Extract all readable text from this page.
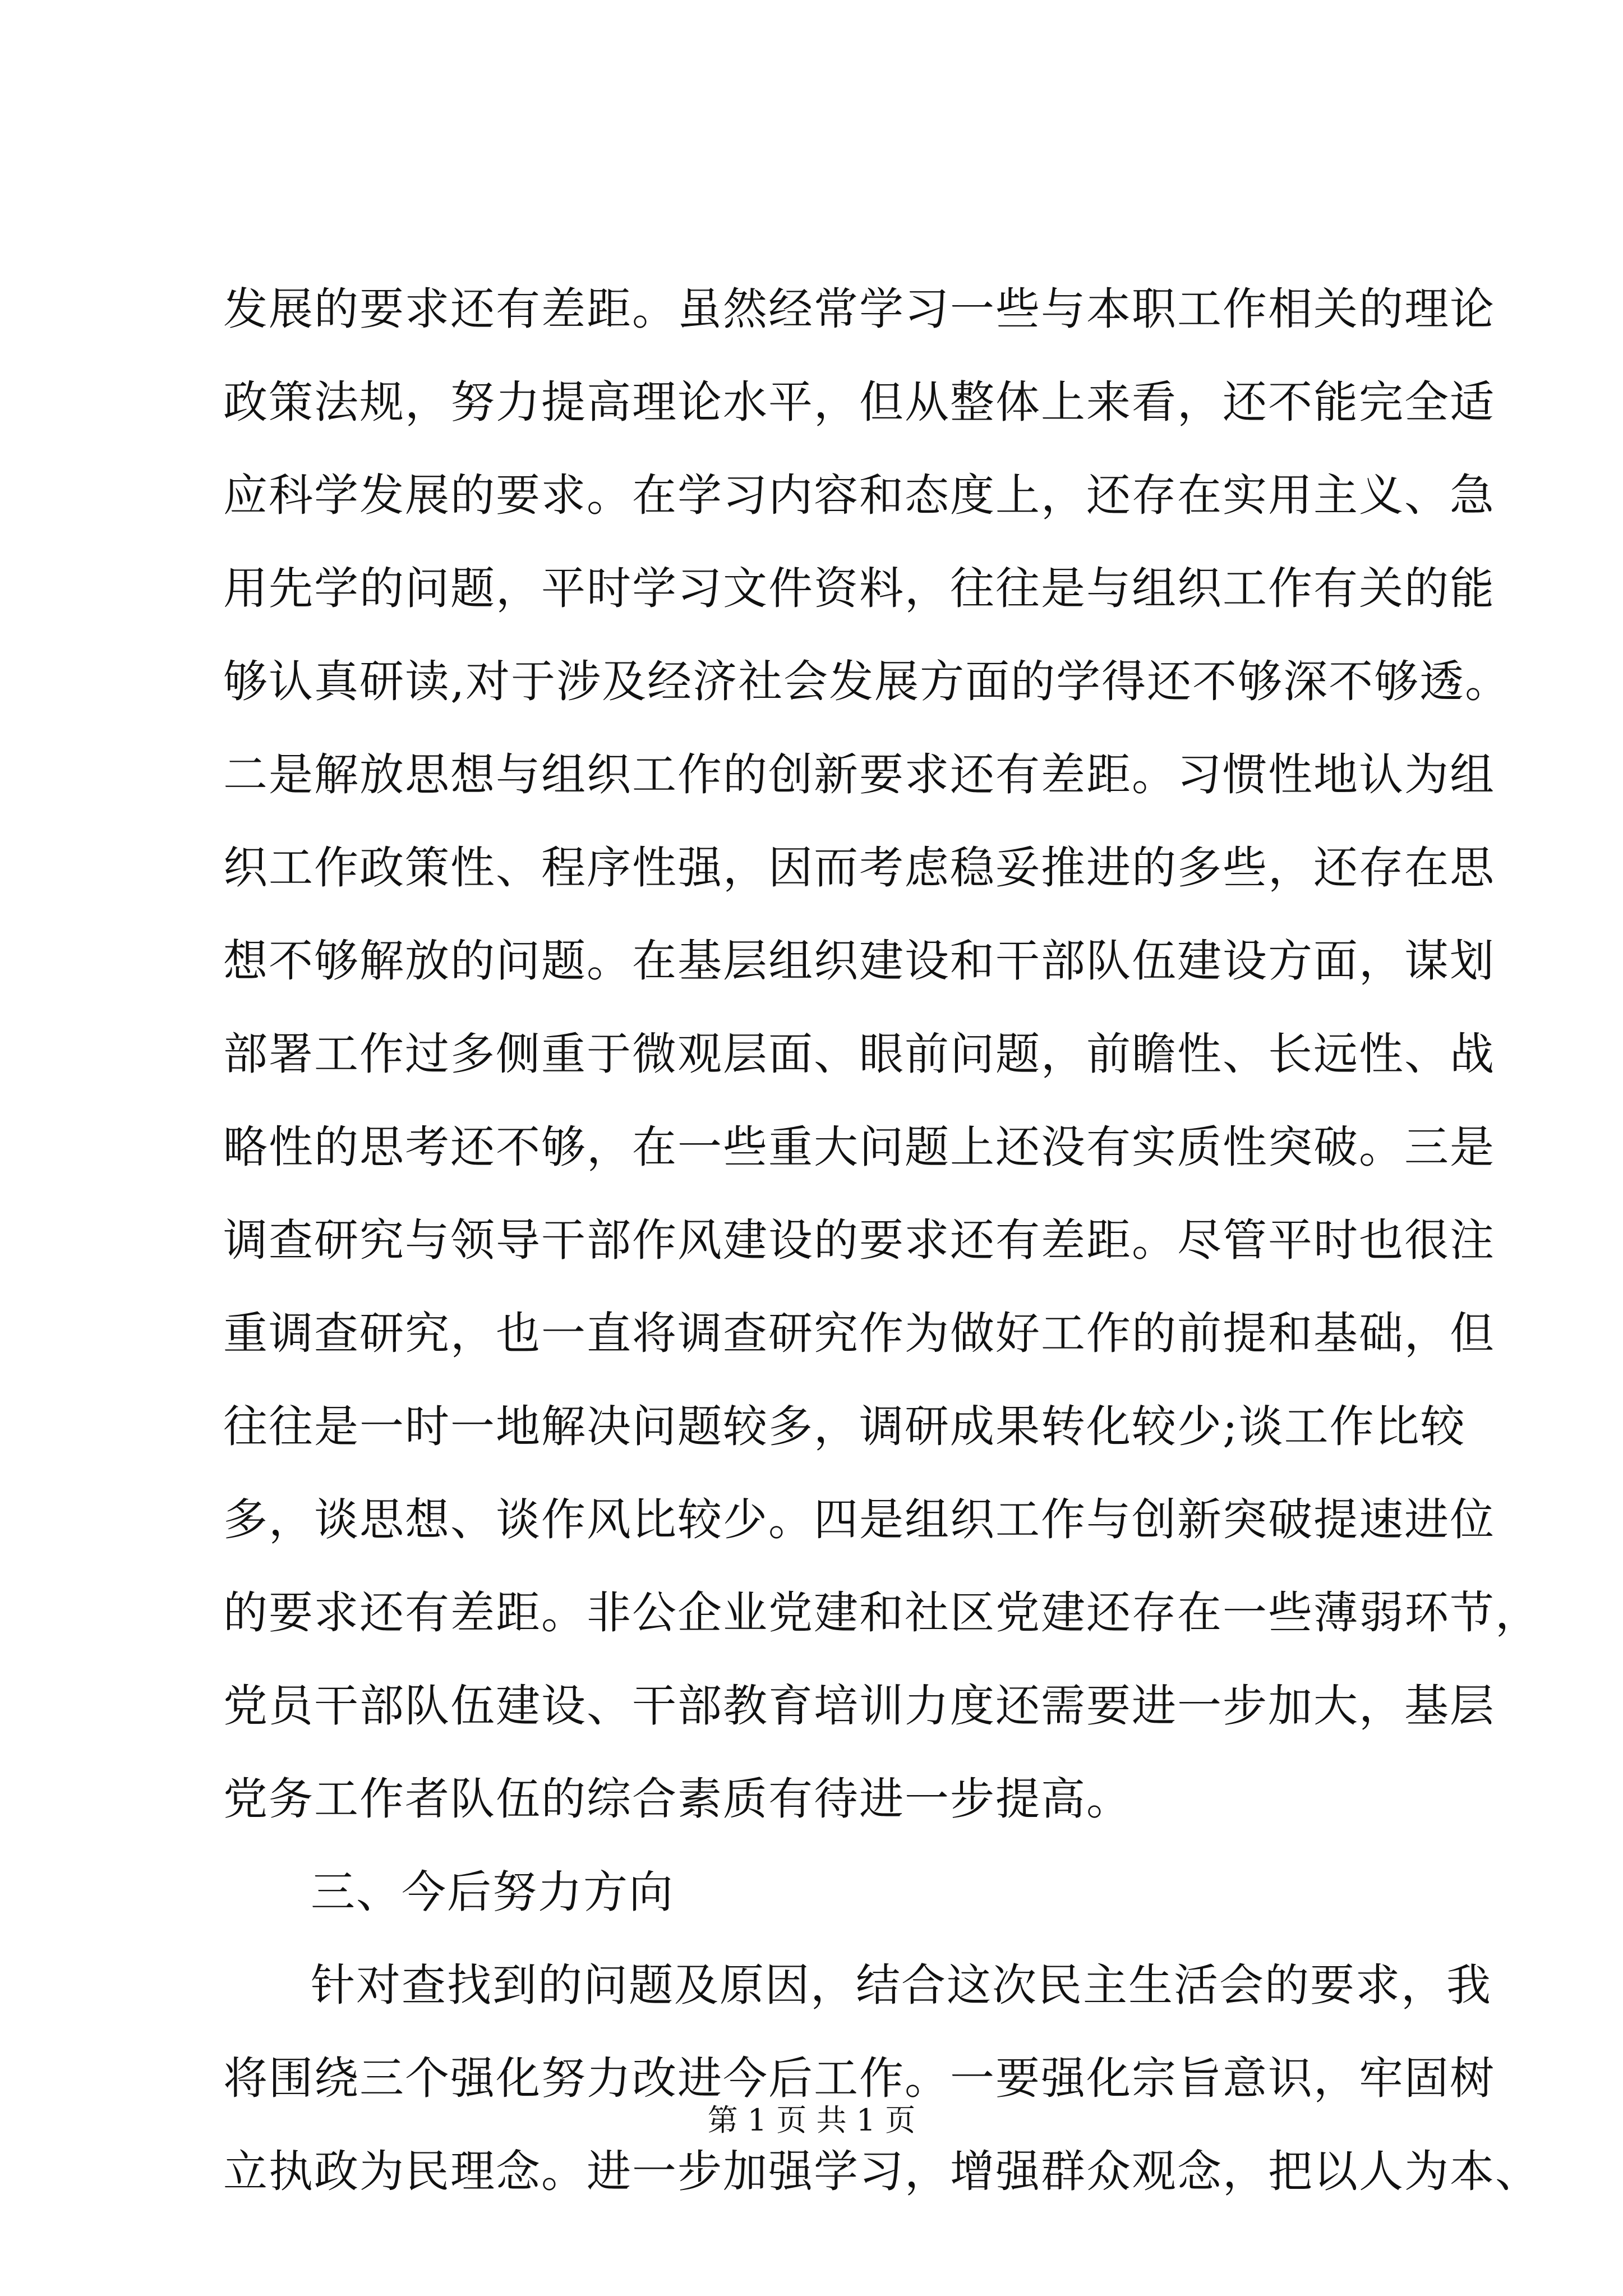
发展的要求还有差距。虽然经常学习一些与本职工作相关的理论
政策法规，努力提高理论水平，但从整体上来看，还不能完全适
应科学发展的要求。在学习内容和态度上，还存在实用主义、急
用先学的问题，平时学习文件资料，往往是与组织工作有关的能
够认真研读,对于涉及经济社会发展方面的学得还不够深不够透。
二是解放思想与组织工作的创新要求还有差距。习惯性地认为组
织工作政策性、程序性强，因而考虑稳妥推进的多些，还存在思
想不够解放的问题。在基层组织建设和干部队伍建设方面，谋划
部署工作过多侧重于微观层面、眼前问题，前瞻性、长远性、战
略性的思考还不够，在一些重大问题上还没有实质性突破。三是
调查研究与领导干部作风建设的要求还有差距。尽管平时也很注
重调查研究，也一直将调查研究作为做好工作的前提和基础，但
往往是一时一地解决问题较多，调研成果转化较少;谈工作比较
多，谈思想、谈作风比较少。四是组织工作与创新突破提速进位
的要求还有差距。非公企业党建和社区党建还存在一些薄弱环节，
党员干部队伍建设、干部教育培训力度还需要进一步加大，基层
党务工作者队伍的综合素质有待进一步提高。
三、今后努力方向
针对查找到的问题及原因，结合这次民主生活会的要求，我
将围绕三个强化努力改进今后工作。一要强化宗旨意识，牢固树
立执政为民理念。进一步加强学习，增强群众观念，把以人为本、
第 1 页 共 1 页
